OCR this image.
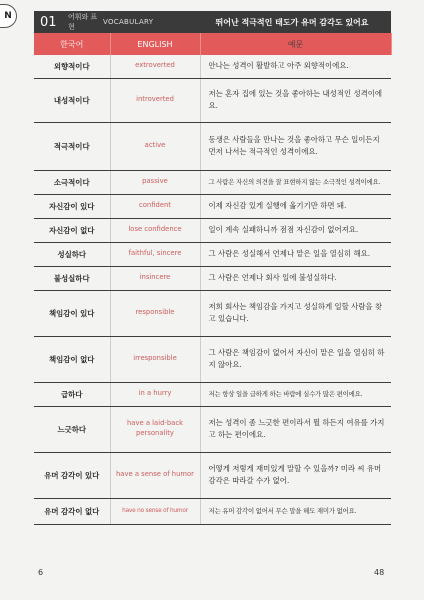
N	01	어휘와 표현
VOCABULARY	뛰어난 적극적인 태도가 유머 감각도 있어요
한국어	ENGLISH	예문
외향적이다	extroverted	안나는 성격이 활발하고 아주 외향적이에요.
내성적이다	introverted	저는 혼자 집에 있는 것을 좋아하는 내성적인 성격이에요.
적극적이다	active	동생은 사람들을 만나는 것을 좋아하고 무슨 일이든지 먼저 나서는 적극적인 성격이에요.
소극적이다	passive	그 사람은 자신의 의견을 잘 표현하지 않는 소극적인 성격이에요.
자신감이 있다	confident	이제 자신감 있게 실행에 옮기기만 하면 돼.
자신감이 없다	lose confidence	일이 계속 실패하니까 점점 자신감이 없어져요.
성실하다	faithful, sincere	그 사람은 성실해서 언제나 맡은 일을 열심히 해요.
불성실하다	insincere	그 사람은 언제나 회사 일에 불성실하다.
책임감이 있다	responsible	저희 회사는 책임감을 가지고 성실하게 일할 사람을 찾고 있습니다.
책임감이 없다	irresponsible	그 사람은 책임감이 없어서 자신이 맡은 일을 열심히 하지 않아요.
급하다	in a hurry	저는 항상 일을 급하게 하는 바람에 실수가 많은 편이에요.
느긋하다	have a laid-back personality	저는 성격이 좀 느긋한 편이라서 뭘 하든지 여유를 가지고 하는 편이에요.
유머 감각이 있다	have a sense of humor	어떻게 저렇게 재미있게 말할 수 있을까? 미라 씨 유머 감각은 따라갈 수가 없어.
유머 감각이 없다	have no sense of humor	저는 유머 감각이 없어서 무슨 말을 해도 재미가 없어요.
6	48
